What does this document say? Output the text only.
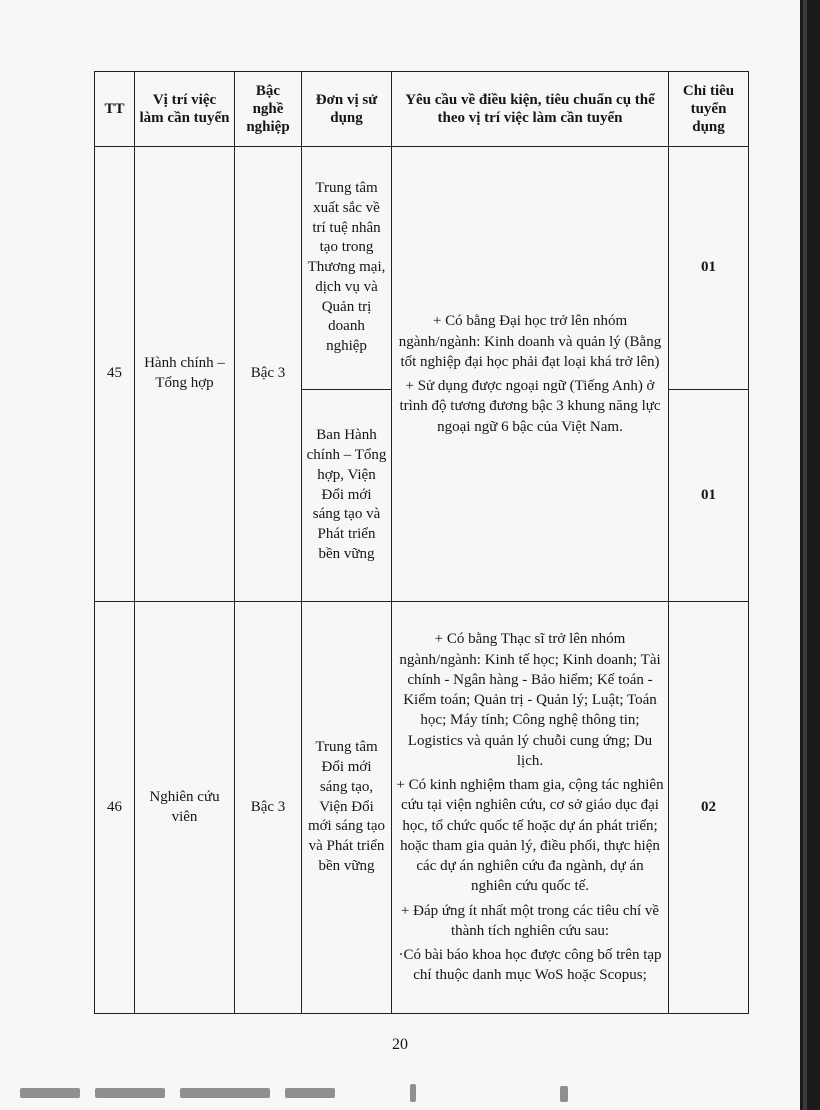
TT	Vị trí việc làm cần tuyển	Bậc nghề nghiệp	Đơn vị sử dụng	Yêu cầu về điều kiện, tiêu chuẩn cụ thể theo vị trí việc làm cần tuyển	Chỉ tiêu tuyển dụng
45	Hành chính – Tổng hợp	Bậc 3	Trung tâm xuất sắc về trí tuệ nhân tạo trong Thương mại, dịch vụ và Quản trị doanh nghiệp	+ Có bằng Đại học trở lên nhóm ngành/ngành: Kinh doanh và quản lý (Bằng tốt nghiệp đại học phải đạt loại khá trở lên)

+ Sử dụng được ngoại ngữ (Tiếng Anh) ở trình độ tương đương bậc 3 khung năng lực ngoại ngữ 6 bậc của Việt Nam.	01
			Ban Hành chính – Tổng hợp, Viện Đổi mới sáng tạo và Phát triển bền vững		01
46	Nghiên cứu viên	Bậc 3	Trung tâm Đổi mới sáng tạo, Viện Đổi mới sáng tạo và Phát triển bền vững	+ Có bằng Thạc sĩ trở lên nhóm ngành/ngành: Kinh tế học; Kinh doanh; Tài chính - Ngân hàng - Bảo hiểm; Kế toán - Kiểm toán; Quản trị - Quản lý; Luật; Toán học; Máy tính; Công nghệ thông tin; Logistics và quản lý chuỗi cung ứng; Du lịch.

+ Có kinh nghiệm tham gia, cộng tác nghiên cứu tại viện nghiên cứu, cơ sở giáo dục đại học, tổ chức quốc tế hoặc dự án phát triển; hoặc tham gia quản lý, điều phối, thực hiện các dự án nghiên cứu đa ngành, dự án nghiên cứu quốc tế.

+ Đáp ứng ít nhất một trong các tiêu chí về thành tích nghiên cứu sau:

·Có bài báo khoa học được công bố trên tạp chí thuộc danh mục WoS hoặc Scopus;	02
20
